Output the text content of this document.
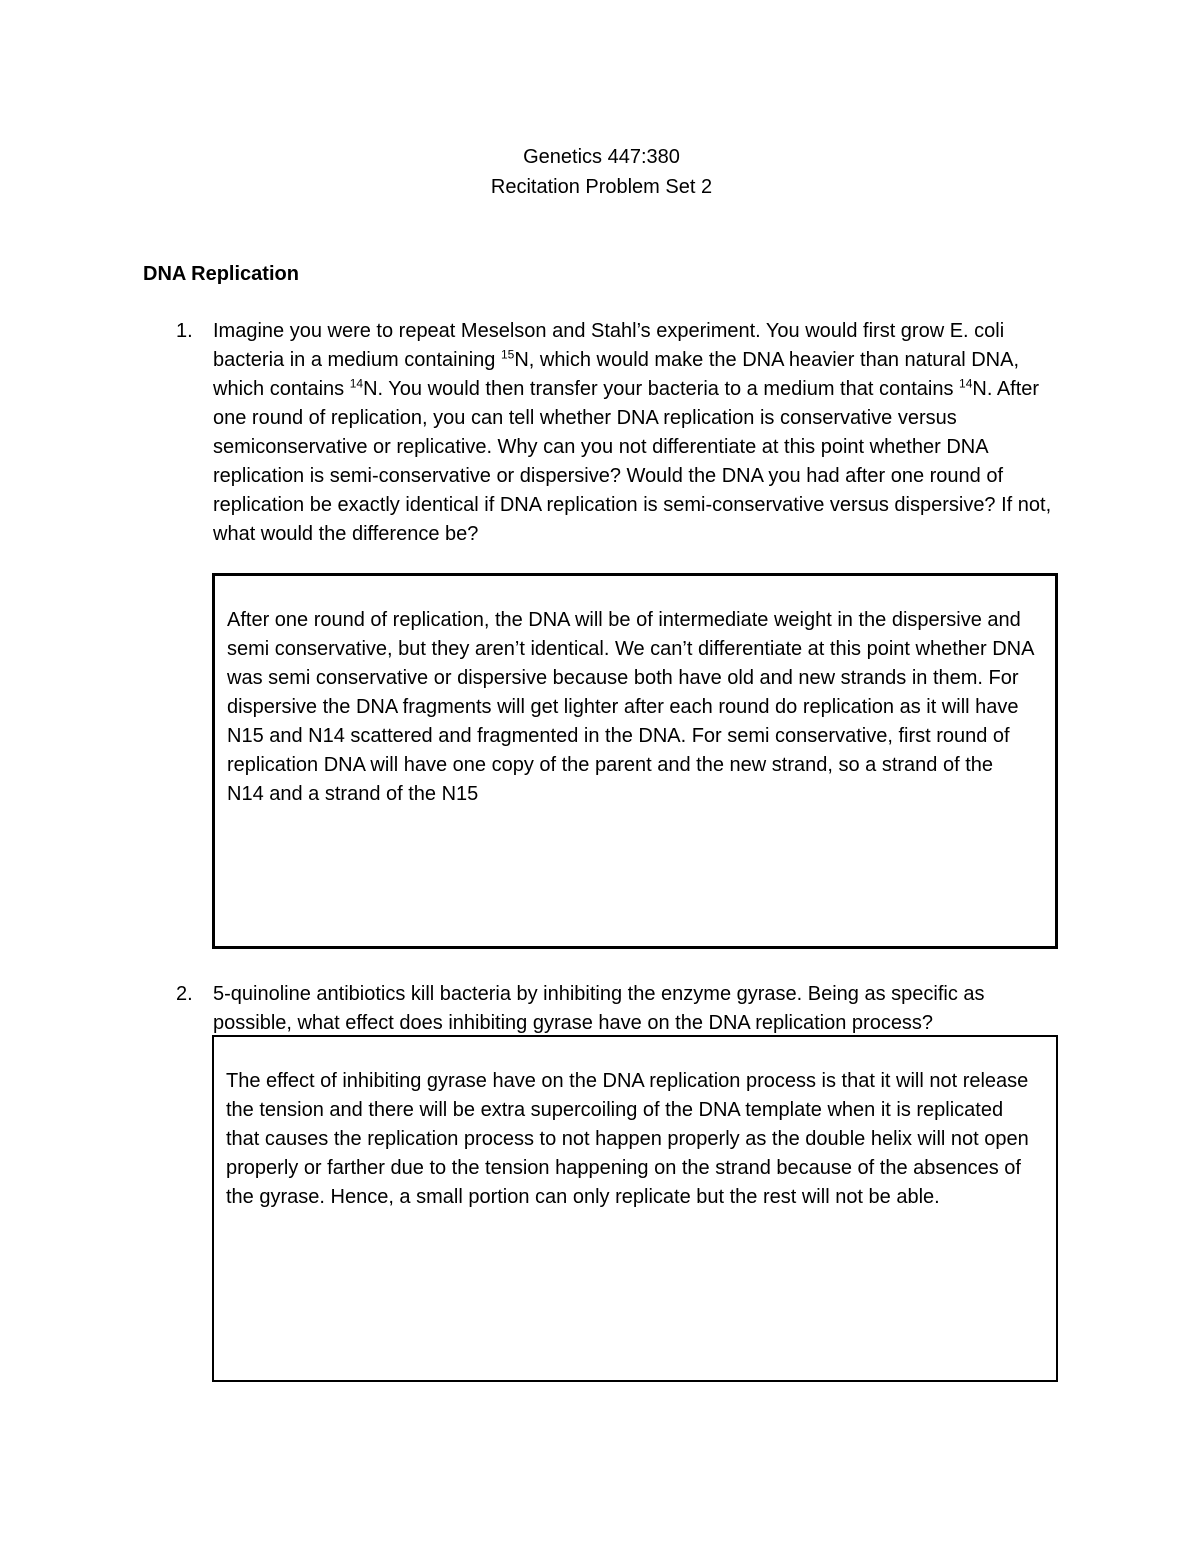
Genetics 447:380
Recitation Problem Set 2
DNA Replication
1.	Imagine you were to repeat Meselson and Stahl’s experiment. You would first grow E. coli bacteria in a medium containing $^{15}$N, which would make the DNA heavier than natural DNA, which contains $^{14}$N. You would then transfer your bacteria to a medium that contains $^{14}$N. After one round of replication, you can tell whether DNA replication is conservative versus semiconservative or replicative. Why can you not differentiate at this point whether DNA replication is semi-conservative or dispersive? Would the DNA you had after one round of replication be exactly identical if DNA replication is semi-conservative versus dispersive? If not, what would the difference be?
After one round of replication, the DNA will be of intermediate weight in the dispersive and semi conservative, but they aren’t identical. We can’t differentiate at this point whether DNA was semi conservative or dispersive because both have old and new strands in them. For dispersive the DNA fragments will get lighter after each round do replication as it will have N15 and N14 scattered and fragmented in the DNA. For semi conservative, first round of replication DNA will have one copy of the parent and the new strand, so a strand of the N14 and a strand of the N15
2.	5-quinoline antibiotics kill bacteria by inhibiting the enzyme gyrase. Being as specific as possible, what effect does inhibiting gyrase have on the DNA replication process?
The effect of inhibiting gyrase have on the DNA replication process is that it will not release the tension and there will be extra supercoiling of the DNA template when it is replicated that causes the replication process to not happen properly as the double helix will not open properly or farther due to the tension happening on the strand because of the absences of the gyrase. Hence, a small portion can only replicate but the rest will not be able.
